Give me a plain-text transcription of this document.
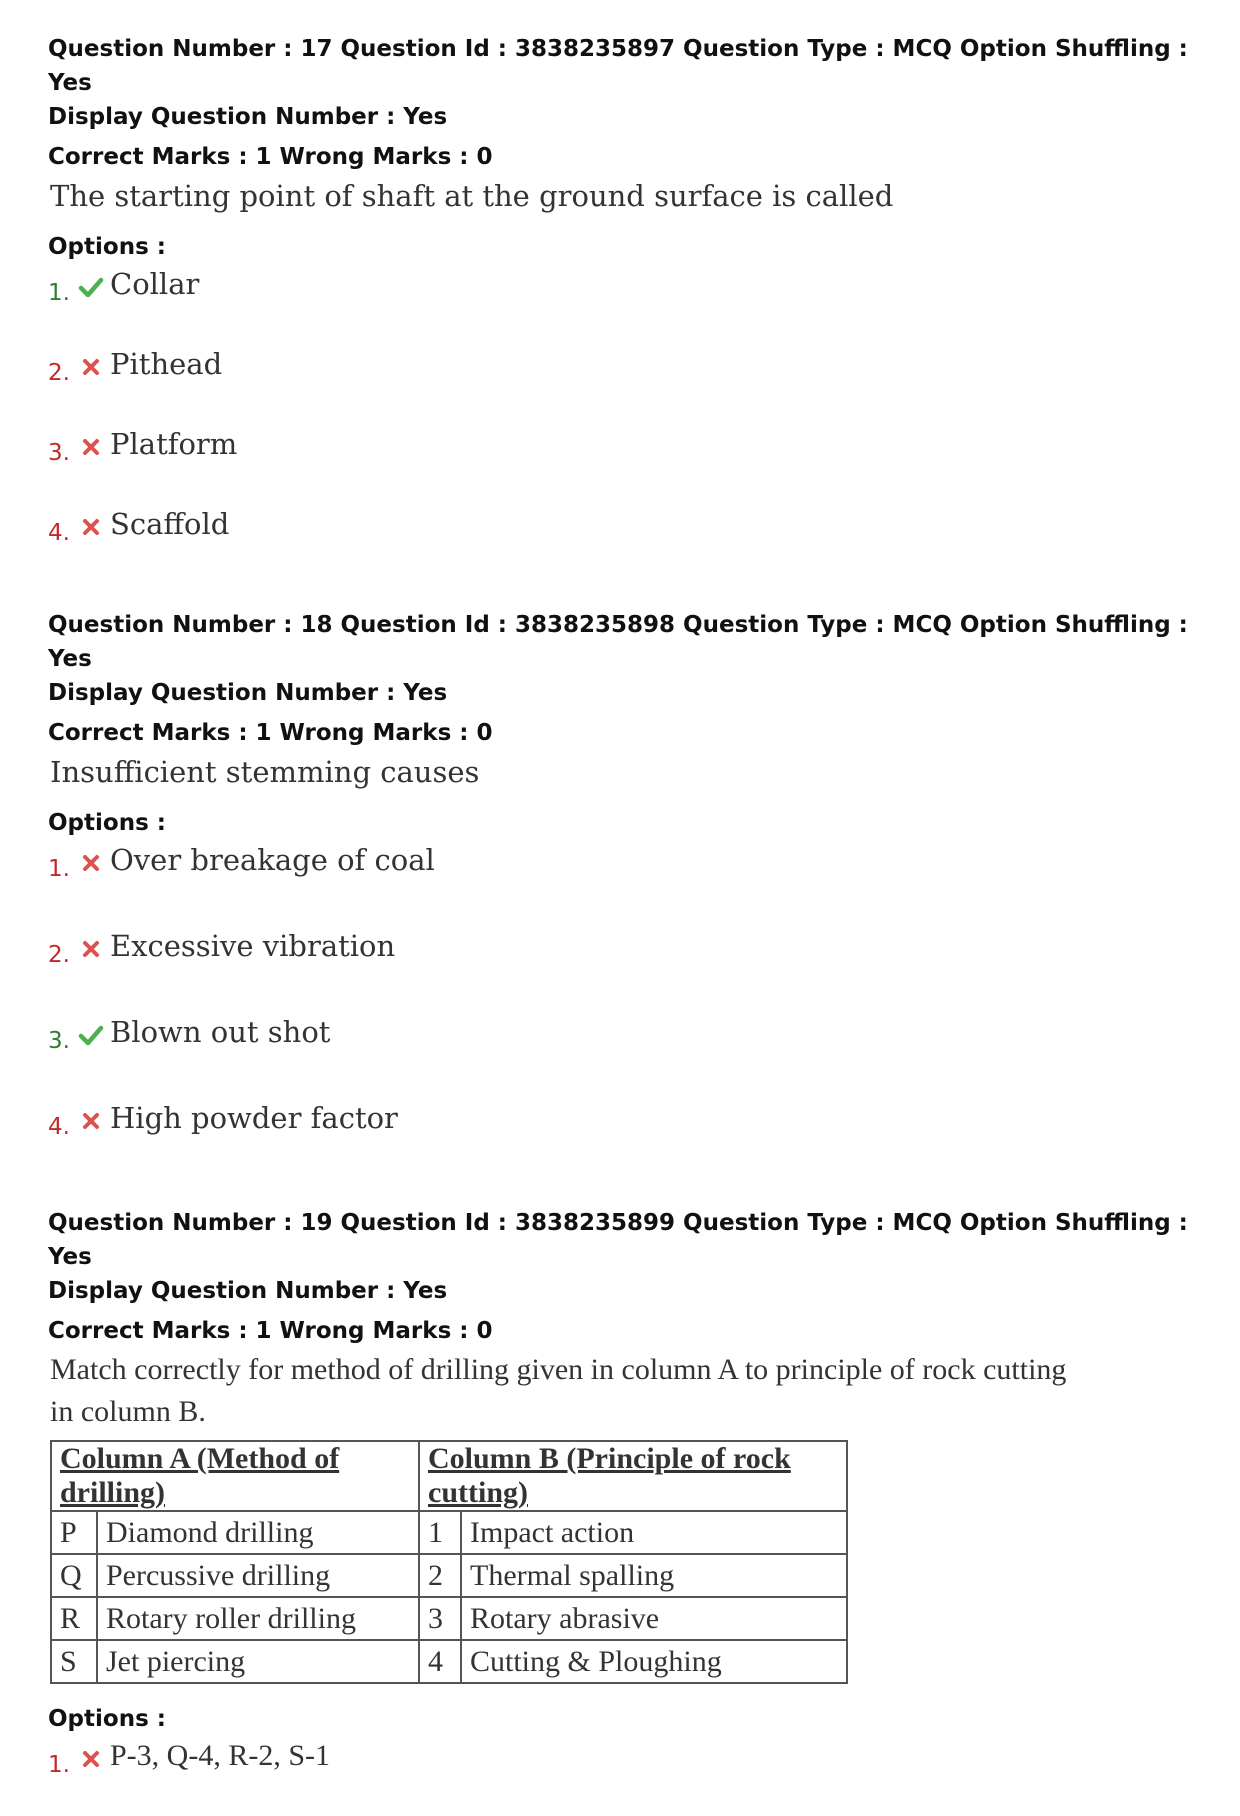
Question Number : 17 Question Id : 3838235897 Question Type : MCQ Option Shuffling : Yes

Display Question Number : Yes

Correct Marks : 1 Wrong Marks : 0

The starting point of shaft at the ground surface is called
Options :
1. Collar
2. Pithead
3. Platform
4. Scaffold

Question Number : 18 Question Id : 3838235898 Question Type : MCQ Option Shuffling : Yes

Display Question Number : Yes

Correct Marks : 1 Wrong Marks : 0

Insufficient stemming causes
Options :
1. Over breakage of coal
2. Excessive vibration
3. Blown out shot
4. High powder factor

Question Number : 19 Question Id : 3838235899 Question Type : MCQ Option Shuffling : Yes

Display Question Number : Yes

Correct Marks : 1 Wrong Marks : 0

Match correctly for method of drilling given in column A to principle of rock cutting
in column B.
Column A (Method of drilling)		Column B (Principle of rock cutting)	
P	Diamond drilling	1	Impact action
Q	Percussive drilling	2	Thermal spalling
R	Rotary roller drilling	3	Rotary abrasive
S	Jet piercing	4	Cutting & Ploughing
Options :
1. P-3, Q-4, R-2, S-1
